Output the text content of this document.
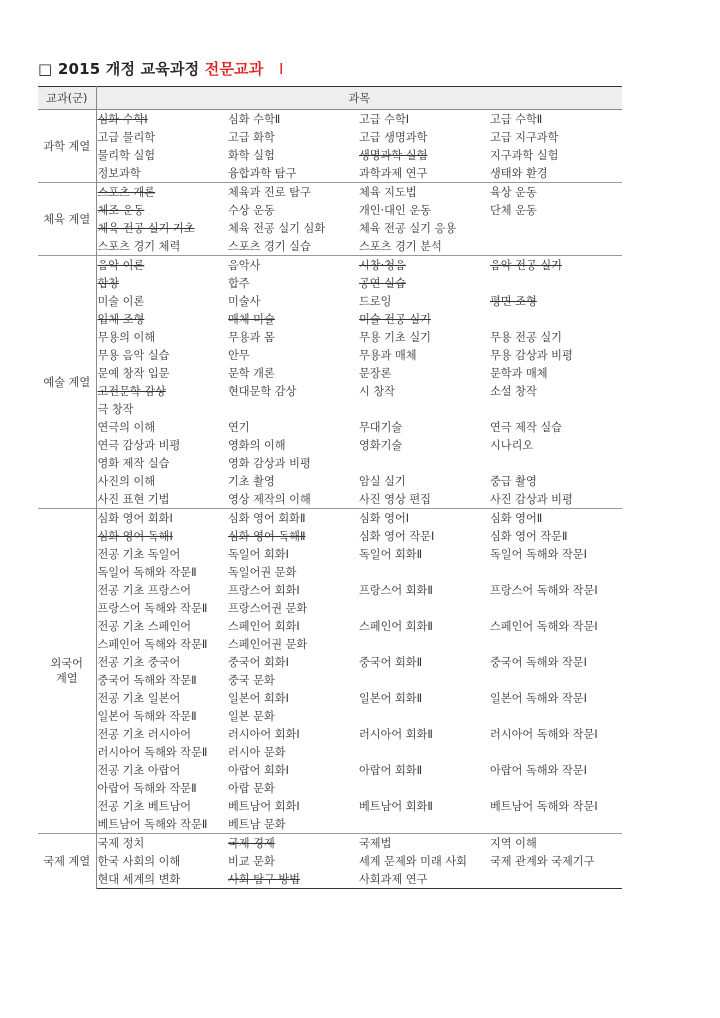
□ 2015 개정 교육과정 전문교과 Ⅰ
교과(군)	과목			
과학 계열	심화 수학Ⅰ	심화 수학Ⅱ	고급 수학Ⅰ	고급 수학Ⅱ
	고급 물리학	고급 화학	고급 생명과학	고급 지구과학
	물리학 실험	화학 실험	생명과학 실험	지구과학 실험
	정보과학	융합과학 탐구	과학과제 연구	생태와 환경
체육 계열	스포츠 개론	체육과 진로 탐구	체육 지도법	육상 운동
	체조 운동	수상 운동	개인·대인 운동	단체 운동
	체육 전공 실기 기초	체육 전공 실기 심화	체육 전공 실기 응용	
	스포츠 경기 체력	스포츠 경기 실습	스포츠 경기 분석	
예술 계열	음악 이론	음악사	시창·청음	음악 전공 실기
	합창	합주	공연 실습	
	미술 이론	미술사	드로잉	평면 조형
	입체 조형	매체 미술	미술 전공 실기	
	무용의 이해	무용과 몸	무용 기초 실기	무용 전공 실기
	무용 음악 실습	안무	무용과 매체	무용 감상과 비평
	문예 창작 입문	문학 개론	문장론	문학과 매체
	고전문학 감상	현대문학 감상	시 창작	소설 창작
	극 창작			
	연극의 이해	연기	무대기술	연극 제작 실습
	연극 감상과 비평	영화의 이해	영화기술	시나리오
	영화 제작 실습	영화 감상과 비평		
	사진의 이해	기초 촬영	암실 실기	중급 촬영
	사진 표현 기법	영상 제작의 이해	사진 영상 편집	사진 감상과 비평
외국어 계열	심화 영어 회화Ⅰ	심화 영어 회화Ⅱ	심화 영어Ⅰ	심화 영어Ⅱ
	심화 영어 독해Ⅰ	심화 영어 독해Ⅱ	심화 영어 작문Ⅰ	심화 영어 작문Ⅱ
	전공 기초 독일어	독일어 회화Ⅰ	독일어 회화Ⅱ	독일어 독해와 작문Ⅰ
	독일어 독해와 작문Ⅱ	독일어권 문화		
	전공 기초 프랑스어	프랑스어 회화Ⅰ	프랑스어 회화Ⅱ	프랑스어 독해와 작문Ⅰ
	프랑스어 독해와 작문Ⅱ	프랑스어권 문화		
	전공 기초 스페인어	스페인어 회화Ⅰ	스페인어 회화Ⅱ	스페인어 독해와 작문Ⅰ
	스페인어 독해와 작문Ⅱ	스페인어권 문화		
	전공 기초 중국어	중국어 회화Ⅰ	중국어 회화Ⅱ	중국어 독해와 작문Ⅰ
	중국어 독해와 작문Ⅱ	중국 문화		
	전공 기초 일본어	일본어 회화Ⅰ	일본어 회화Ⅱ	일본어 독해와 작문Ⅰ
	일본어 독해와 작문Ⅱ	일본 문화		
	전공 기초 러시아어	러시아어 회화Ⅰ	러시아어 회화Ⅱ	러시아어 독해와 작문Ⅰ
	러시아어 독해와 작문Ⅱ	러시아 문화		
	전공 기초 아랍어	아랍어 회화Ⅰ	아랍어 회화Ⅱ	아랍어 독해와 작문Ⅰ
	아랍어 독해와 작문Ⅱ	아랍 문화		
	전공 기초 베트남어	베트남어 회화Ⅰ	베트남어 회화Ⅱ	베트남어 독해와 작문Ⅰ
	베트남어 독해와 작문Ⅱ	베트남 문화		
국제 계열	국제 정치	국제 경제	국제법	지역 이해
	한국 사회의 이해	비교 문화	세계 문제와 미래 사회	국제 관계와 국제기구
	현대 세계의 변화	사회 탐구 방법	사회과제 연구	
